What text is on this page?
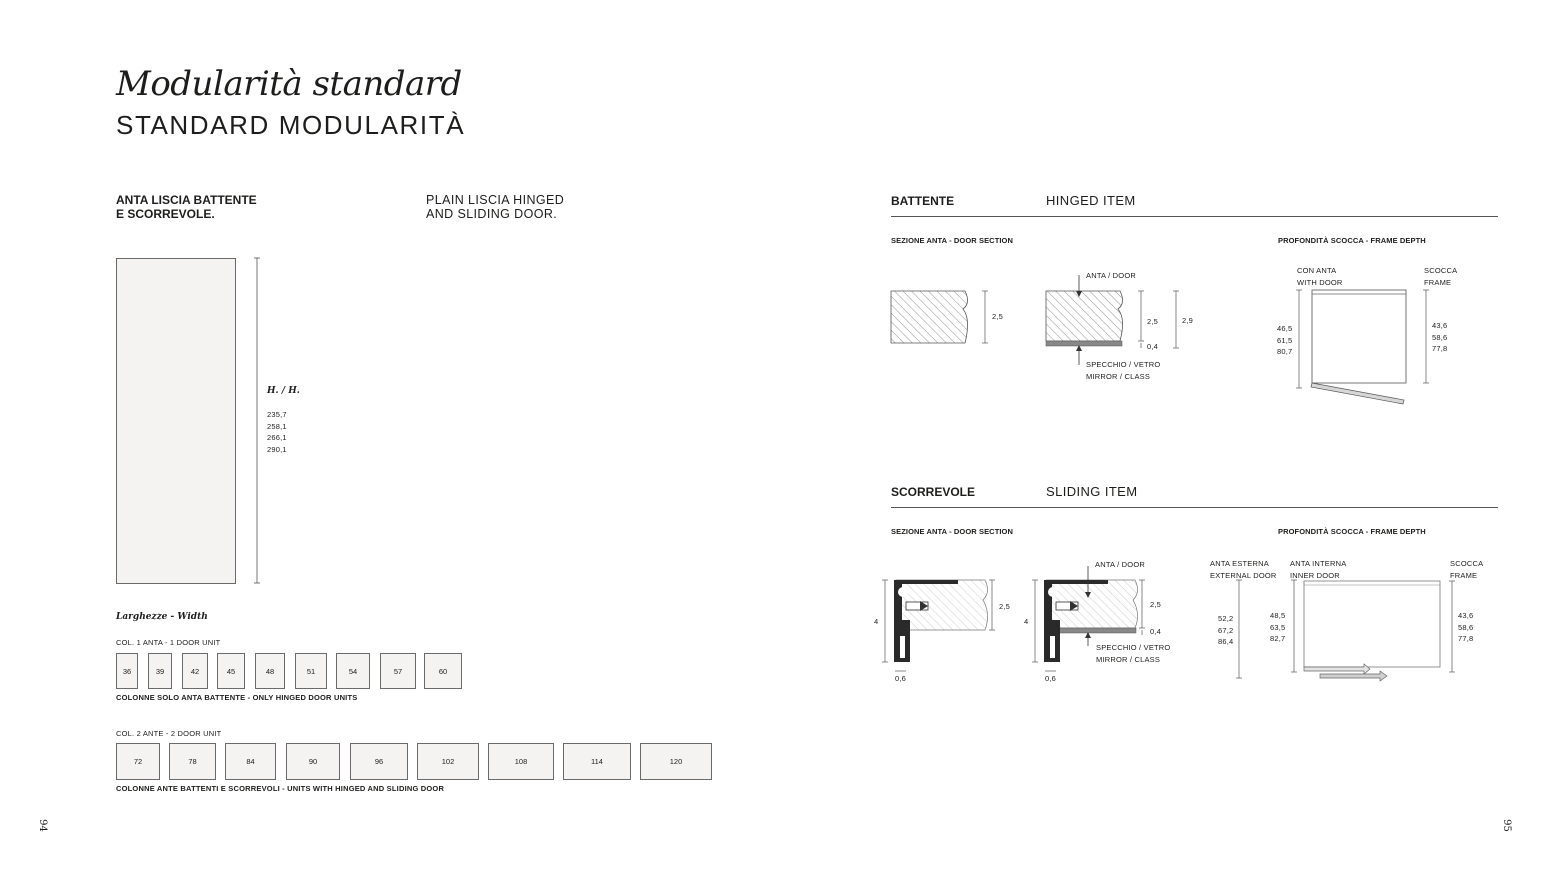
Modularità standard
STANDARD MODULARITÀ
ANTA LISCIA BATTENTE
E SCORREVOLE.
PLAIN LISCIA HINGED
AND SLIDING DOOR.
H. / H.
235,7
258,1
266,1
290,1
Larghezze - Width
COL. 1 ANTA - 1 DOOR UNIT
36	39	42	45	48	51	54	57	60
COLONNE SOLO ANTA BATTENTE - ONLY HINGED DOOR UNITS
COL. 2 ANTE - 2 DOOR UNIT
72	78	84	90	96	102	108	114	120
COLONNE ANTE BATTENTI E SCORREVOLI - UNITS WITH HINGED AND SLIDING DOOR
94	95
BATTENTE	HINGED ITEM
SEZIONE ANTA - DOOR SECTION	PROFONDITÀ SCOCCA - FRAME DEPTH
2,5
ANTA / DOOR
2,5	2,9
0,4
SPECCHIO / VETRO
MIRROR / CLASS
CON ANTA
WITH DOOR
SCOCCA
FRAME
46,5
61,5
80,7
43,6
58,6
77,8
SCORREVOLE	SLIDING ITEM
SEZIONE ANTA - DOOR SECTION	PROFONDITÀ SCOCCA - FRAME DEPTH
4
2,5
0,6
4
ANTA / DOOR
2,5
0,4
0,6
SPECCHIO / VETRO
MIRROR / CLASS
ANTA ESTERNA
EXTERNAL DOOR
ANTA INTERNA
INNER DOOR
SCOCCA
FRAME
52,2
67,2
86,4
48,5
63,5
82,7
43,6
58,6
77,8
